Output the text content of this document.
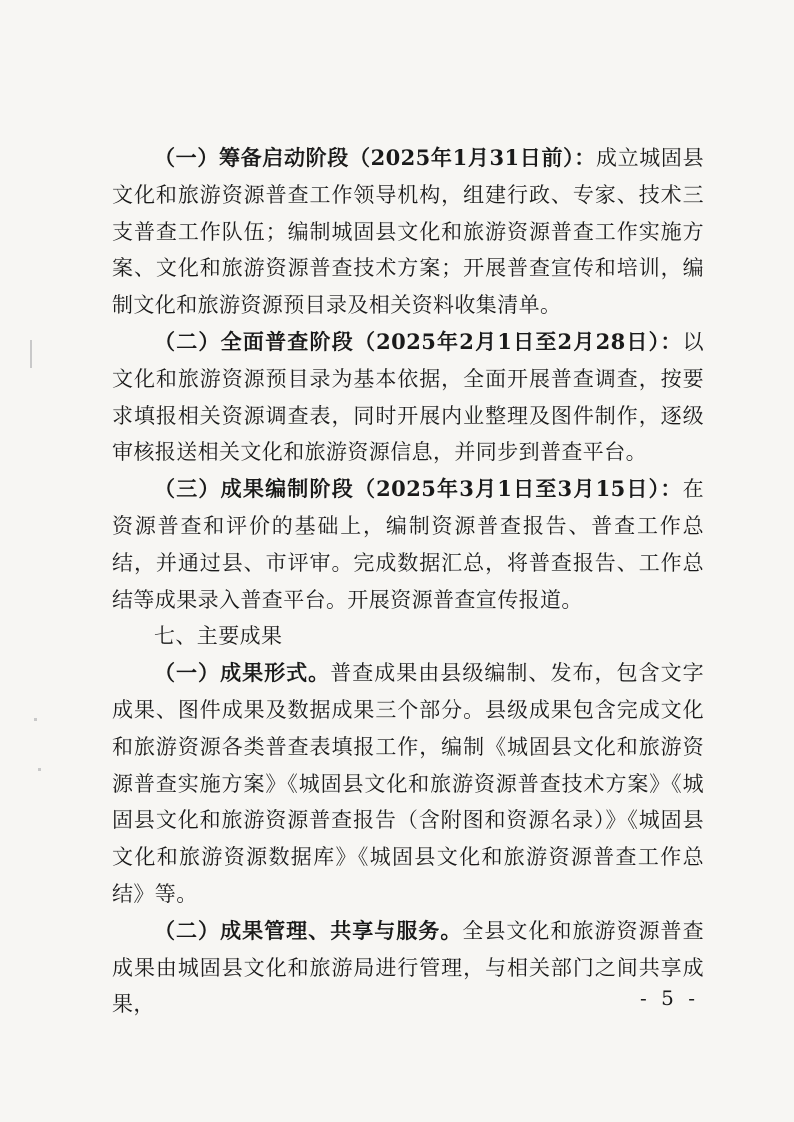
（一）筹备启动阶段（2025年1月31日前）：成立城固县文化和旅游资源普查工作领导机构，组建行政、专家、技术三支普查工作队伍；编制城固县文化和旅游资源普查工作实施方案、文化和旅游资源普查技术方案；开展普查宣传和培训，编制文化和旅游资源预目录及相关资料收集清单。

（二）全面普查阶段（2025年2月1日至2月28日）：以文化和旅游资源预目录为基本依据，全面开展普查调查，按要求填报相关资源调查表，同时开展内业整理及图件制作，逐级审核报送相关文化和旅游资源信息，并同步到普查平台。

（三）成果编制阶段（2025年3月1日至3月15日）：在资源普查和评价的基础上，编制资源普查报告、普查工作总结，并通过县、市评审。完成数据汇总，将普查报告、工作总结等成果录入普查平台。开展资源普查宣传报道。

七、主要成果

（一）成果形式。普查成果由县级编制、发布，包含文字成果、图件成果及数据成果三个部分。县级成果包含完成文化和旅游资源各类普查表填报工作，编制《城固县文化和旅游资源普查实施方案》《城固县文化和旅游资源普查技术方案》《城固县文化和旅游资源普查报告（含附图和资源名录）》《城固县文化和旅游资源数据库》《城固县文化和旅游资源普查工作总结》等。

（二）成果管理、共享与服务。全县文化和旅游资源普查成果由城固县文化和旅游局进行管理，与相关部门之间共享成果，	- 5 -
